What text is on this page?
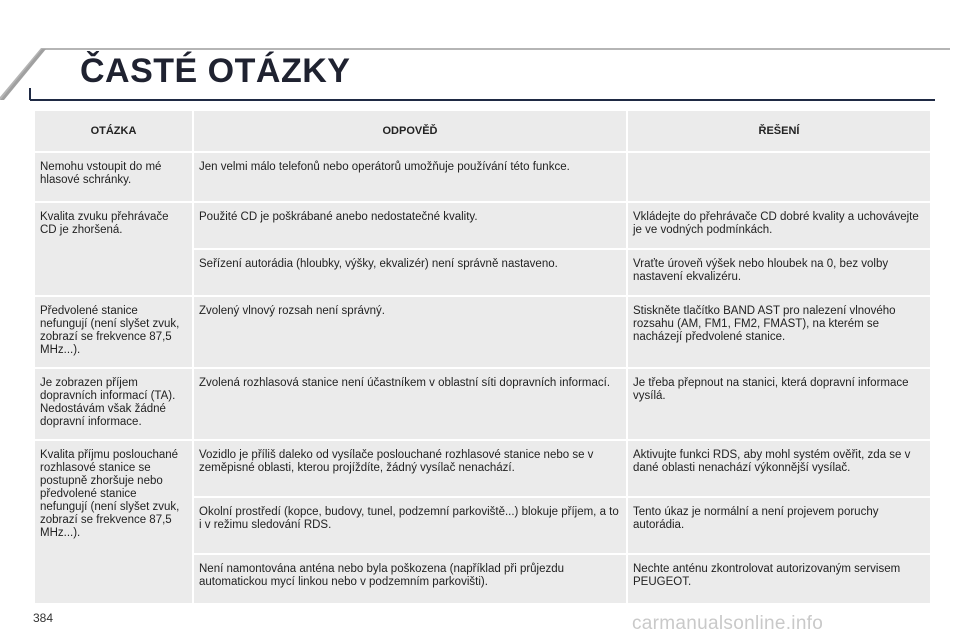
ČASTÉ OTÁZKY
OTÁZKA	ODPOVĚĎ	ŘEŠENÍ
Nemohu vstoupit do mé hlasové schránky.	Jen velmi málo telefonů nebo operátorů umožňuje používání této funkce.	
Kvalita zvuku přehrávače CD je zhoršená.	Použité CD je poškrábané anebo nedostatečné kvality.	Vkládejte do přehrávače CD dobré kvality a uchovávejte je ve vodných podmínkách.
	Seřízení autorádia (hloubky, výšky, ekvalizér) není správně nastaveno.	Vraťte úroveň výšek nebo hloubek na 0, bez volby nastavení ekvalizéru.
Předvolené stanice nefungují (není slyšet zvuk, zobrazí se frekvence 87,5 MHz...).	Zvolený vlnový rozsah není správný.	Stiskněte tlačítko BAND AST pro nalezení vlnového rozsahu (AM, FM1, FM2, FMAST), na kterém se nacházejí předvolené stanice.
Je zobrazen příjem dopravních informací (TA). Nedostávám však žádné dopravní informace.	Zvolená rozhlasová stanice není účastníkem v oblastní síti dopravních informací.	Je třeba přepnout na stanici, která dopravní informace vysílá.
Kvalita příjmu poslouchané rozhlasové stanice se postupně zhoršuje nebo předvolené stanice nefungují (není slyšet zvuk, zobrazí se frekvence 87,5 MHz...).	Vozidlo je příliš daleko od vysílače poslouchané rozhlasové stanice nebo se v zeměpisné oblasti, kterou projíždíte, žádný vysílač nenachází.	Aktivujte funkci RDS, aby mohl systém ověřit, zda se v dané oblasti nenachází výkonnější vysílač.
	Okolní prostředí (kopce, budovy, tunel, podzemní parkoviště...) blokuje příjem, a to i v režimu sledování RDS.	Tento úkaz je normální a není projevem poruchy autorádia.
	Není namontována anténa nebo byla poškozena (například při průjezdu automatickou mycí linkou nebo v podzemním parkovišti).	Nechte anténu zkontrolovat autorizovaným servisem PEUGEOT.
384	carmanualsonline.info
